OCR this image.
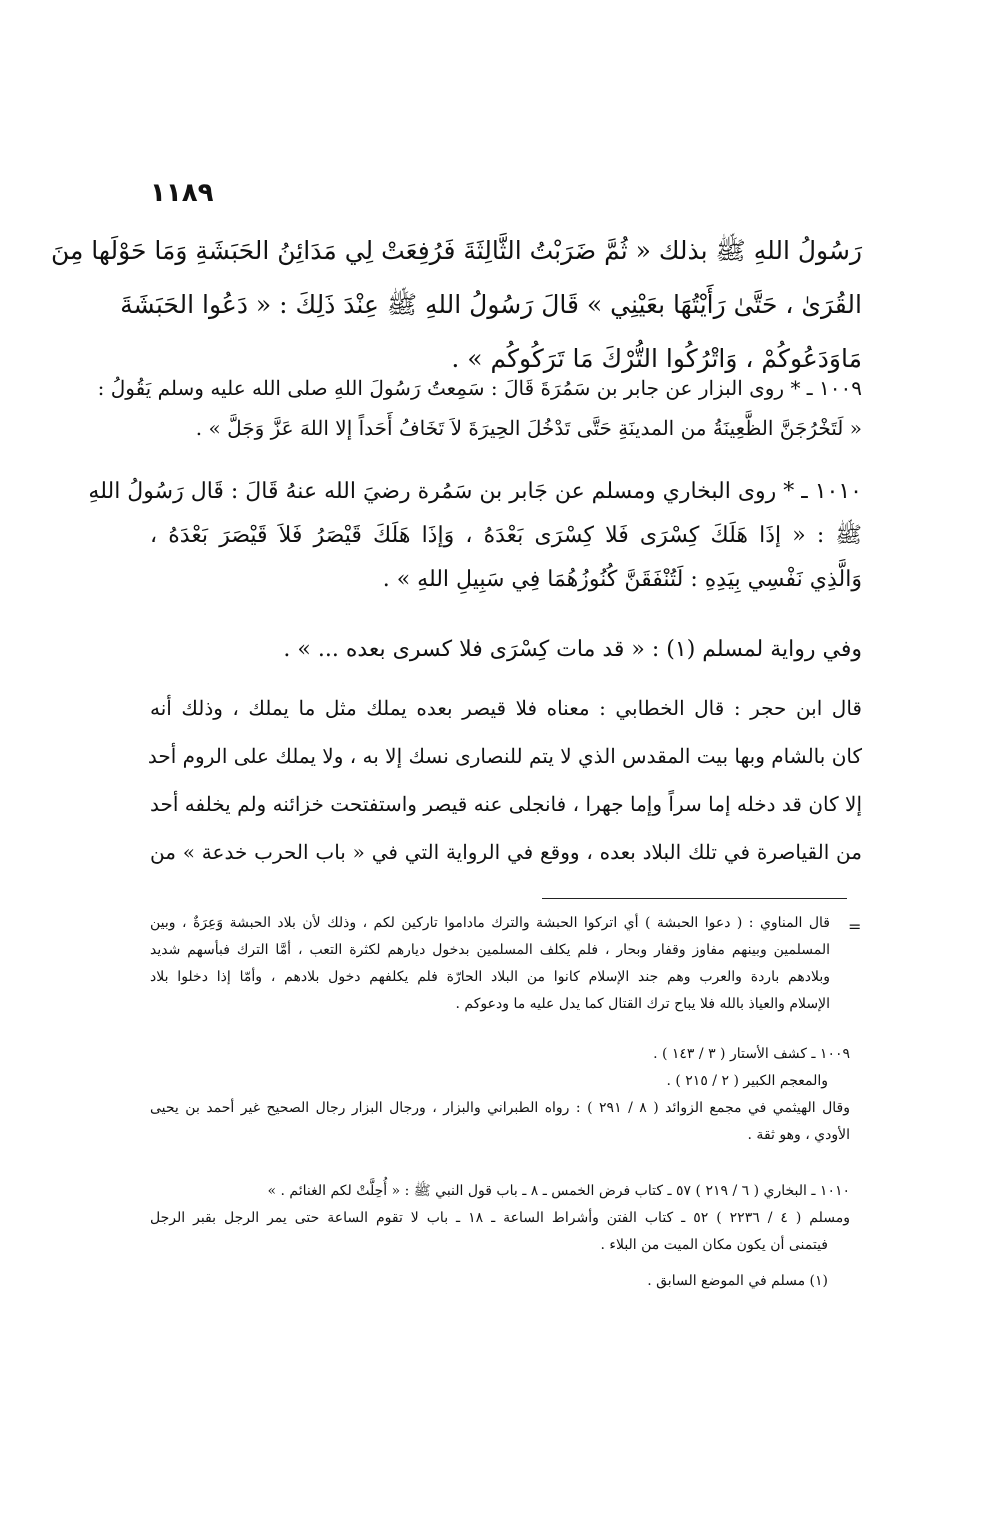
١١٨٩
رَسُولُ اللهِ ﷺ بذلك « ثُمَّ ضَرَبْتُ الثَّالِثَةَ فَرُفِعَتْ لِي مَدَائِنُ الحَبَشَةِ وَمَا حَوْلَها مِنَ
القُرَىٰ ، حَتَّىٰ رَأَيْتُهَا بعَيْنِي » قَالَ رَسُولُ اللهِ ﷺ عِنْدَ ذَلِكَ : « دَعُوا الحَبَشَةَ
مَاوَدَعُوكُمْ ، وَاتْرُكُوا التُّرْكَ مَا تَرَكُوكُم » .
١٠٠٩ ـ * روى البزار عن جابر بن سَمُرَةَ قَالَ : سَمِعتُ رَسُولَ اللهِ صلى الله عليه وسلم يَقُولُ :
« لَتَخْرُجَنَّ الظَّعِينَةُ من المدينَةِ حَتَّى تَدْخُلَ الحِيرَةَ لاَ تَخَافُ أَحَداً إلا اللهَ عَزَّ وَجَلَّ » .
١٠١٠ ـ * روى البخاري ومسلم عن جَابر بن سَمُرة رضيَ الله عنهُ قَالَ : قَال رَسُولُ اللهِ
ﷺ : « إذَا هَلَكَ كِسْرَى فَلا كِسْرَى بَعْدَهُ ، وَإذَا هَلَكَ قَيْصَرُ فَلاَ قَيْصَرَ بَعْدَهُ ،
وَالَّذِي نَفْسِي بِيَدِهِ : لَتُنْفَقَنَّ كُنُوزُهُمَا فِي سَبِيلِ اللهِ » .
وفي رواية لمسلم (١) : « قد مات كِسْرَى فلا كسرى بعده ... » .
قال ابن حجر : قال الخطابي : معناه فلا قيصر بعده يملك مثل ما يملك ، وذلك أنه
كان بالشام وبها بيت المقدس الذي لا يتم للنصارى نسك إلا به ، ولا يملك على الروم أحد
إلا كان قد دخله إما سراً وإما جهرا ، فانجلى عنه قيصر واستفتحت خزائنه ولم يخلفه أحد
من القياصرة في تلك البلاد بعده ، ووقع في الرواية التي في « باب الحرب خدعة » من
=
قال المناوي : ( دعوا الحبشة ) أي اتركوا الحبشة والترك ماداموا تاركين لكم ، وذلك لأن بلاد الحبشة وَعِرَةٌ ، وبين
المسلمين وبينهم مفاوز وقفار وبحار ، فلم يكلف المسلمين بدخول ديارهم لكثرة التعب ، أمَّا الترك فبأسهم شديد
وبلادهم باردة والعرب وهم جند الإسلام كانوا من البلاد الحارّة فلم يكلفهم دخول بلادهم ، وأمّا إذا دخلوا بلاد
الإسلام والعياذ بالله فلا يباح ترك القتال كما يدل عليه ما ودعوكم .
١٠٠٩ ـ كشف الأستار ( ٣ / ١٤٣ ) .
والمعجم الكبير ( ٢ / ٢١٥ ) .
وقال الهيثمي في مجمع الزوائد ( ٨ / ٢٩١ ) : رواه الطبراني والبزار ، ورجال البزار رجال الصحيح غير أحمد بن يحيى
الأودي ، وهو ثقة .
١٠١٠ ـ البخاري ( ٦ / ٢١٩ ) ٥٧ ـ كتاب فرض الخمس ـ ٨ ـ باب قول النبي ﷺ : « أُحِلَّتْ لكم الغنائم . »
ومسلم ( ٤ / ٢٢٣٦ ) ٥٢ ـ كتاب الفتن وأشراط الساعة ـ ١٨ ـ باب لا تقوم الساعة حتى يمر الرجل بقبر الرجل
فيتمنى أن يكون مكان الميت من البلاء .
(١) مسلم في الموضع السابق .
